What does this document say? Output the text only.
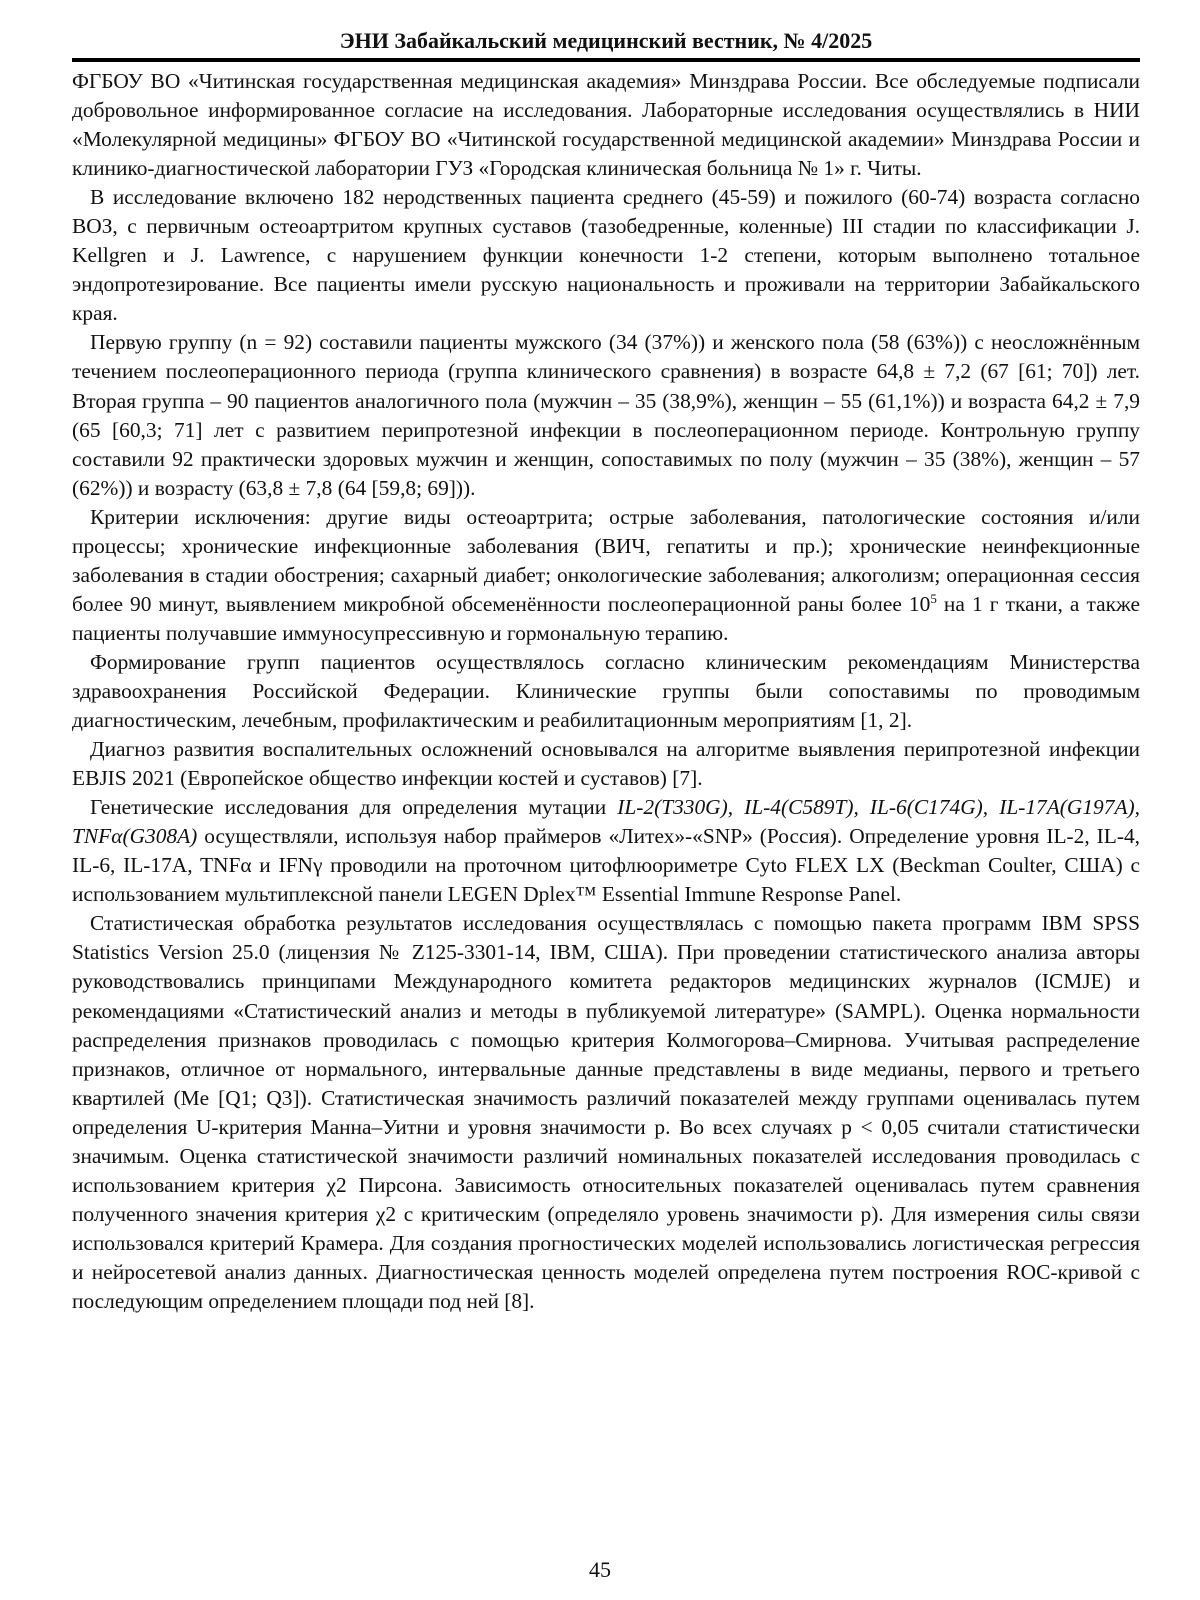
ЭНИ Забайкальский медицинский вестник, № 4/2025

ФГБОУ ВО «Читинская государственная медицинская академия» Минздрава России. Все обследуемые подписали добровольное информированное согласие на исследования. Лабораторные исследования осуществлялись в НИИ «Молекулярной медицины» ФГБОУ ВО «Читинской государственной медицинской академии» Минздрава России и клинико-диагностической лаборатории ГУЗ «Городская клиническая больница № 1» г. Читы.

В исследование включено 182 неродственных пациента среднего (45-59) и пожилого (60-74) возраста согласно ВОЗ, с первичным остеоартритом крупных суставов (тазобедренные, коленные) III стадии по классификации J. Kellgren и J. Lawrence, с нарушением функции конечности 1-2 степени, которым выполнено тотальное эндопротезирование. Все пациенты имели русскую национальность и проживали на территории Забайкальского края.

Первую группу (n = 92) составили пациенты мужского (34 (37%)) и женского пола (58 (63%)) с неосложнённым течением послеоперационного периода (группа клинического сравнения) в возрасте 64,8 ± 7,2 (67 [61; 70]) лет. Вторая группа – 90 пациентов аналогичного пола (мужчин – 35 (38,9%), женщин – 55 (61,1%)) и возраста 64,2 ± 7,9 (65 [60,3; 71] лет с развитием перипротезной инфекции в послеоперационном периоде. Контрольную группу составили 92 практически здоровых мужчин и женщин, сопоставимых по полу (мужчин – 35 (38%), женщин – 57 (62%)) и возрасту (63,8 ± 7,8 (64 [59,8; 69])).

Критерии исключения: другие виды остеоартрита; острые заболевания, патологические состояния и/или процессы; хронические инфекционные заболевания (ВИЧ, гепатиты и пр.); хронические неинфекционные заболевания в стадии обострения; сахарный диабет; онкологические заболевания; алкоголизм; операционная сессия более 90 минут, выявлением микробной обсеменённости послеоперационной раны более $10^5$ на 1 г ткани, а также пациенты получавшие иммуносупрессивную и гормональную терапию.

Формирование групп пациентов осуществлялось согласно клиническим рекомендациям Министерства здравоохранения Российской Федерации. Клинические группы были сопоставимы по проводимым диагностическим, лечебным, профилактическим и реабилитационным мероприятиям [1, 2].

Диагноз развития воспалительных осложнений основывался на алгоритме выявления перипротезной инфекции EBJIS 2021 (Европейское общество инфекции костей и суставов) [7].

Генетические исследования для определения мутации IL-2(T330G), IL-4(C589T), IL-6(C174G), IL-17A(G197A), TNFα(G308A) осуществляли, используя набор праймеров «Литех»-«SNP» (Россия). Определение уровня IL-2, IL-4, IL-6, IL-17A, TNFα и IFNγ проводили на проточном цитофлюориметре Cyto FLEX LX (Beckman Coulter, США) с использованием мультиплексной панели LEGEN Dplex™ Essential Immune Response Panel.

Статистическая обработка результатов исследования осуществлялась с помощью пакета программ IBM SPSS Statistics Version 25.0 (лицензия № Z125-3301-14, IBM, США). При проведении статистического анализа авторы руководствовались принципами Международного комитета редакторов медицинских журналов (ICMJE) и рекомендациями «Статистический анализ и методы в публикуемой литературе» (SAMPL). Оценка нормальности распределения признаков проводилась с помощью критерия Колмогорова–Смирнова. Учитывая распределение признаков, отличное от нормального, интервальные данные представлены в виде медианы, первого и третьего квартилей (Me [Q1; Q3]). Статистическая значимость различий показателей между группами оценивалась путем определения U-критерия Манна–Уитни и уровня значимости p. Во всех случаях p < 0,05 считали статистически значимым. Оценка статистической значимости различий номинальных показателей исследования проводилась с использованием критерия χ2 Пирсона. Зависимость относительных показателей оценивалась путем сравнения полученного значения критерия χ2 с критическим (определяло уровень значимости p). Для измерения силы связи использовался критерий Крамера. Для создания прогностических моделей использовались логистическая регрессия и нейросетевой анализ данных. Диагностическая ценность моделей определена путем построения ROC-кривой с последующим определением площади под ней [8].

45
